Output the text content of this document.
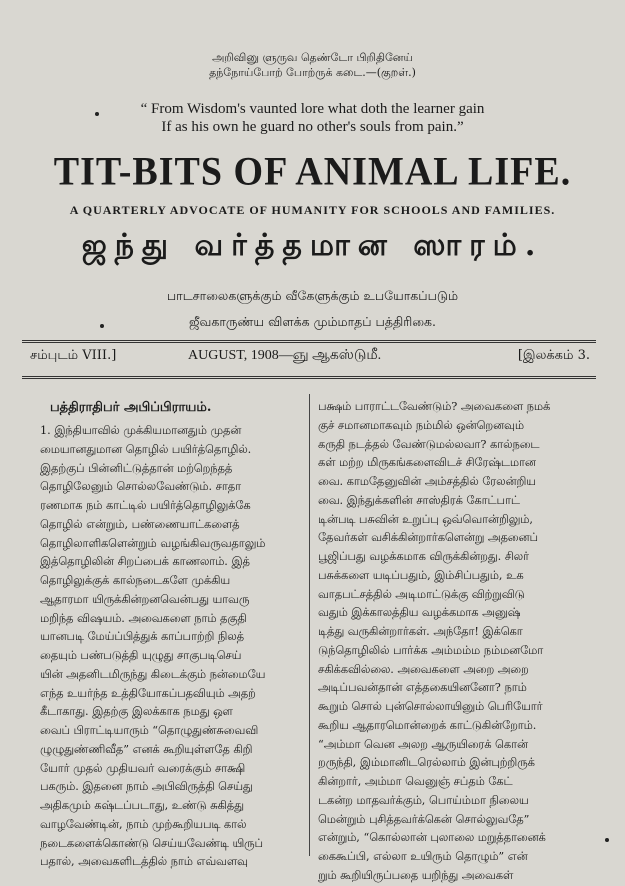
அறிவினு ளுருவ தெண்டோ பிறிதினேய்
தந்நோய்போற் போற்ருக் கடை.—(குறள்.)
“ From Wisdom's vaunted lore what doth the learner gain
If as his own he guard no other's souls from pain.”
TIT-BITS OF ANIMAL LIFE.
A QUARTERLY ADVOCATE OF HUMANITY FOR SCHOOLS AND FAMILIES.
ஜந்து வர்த்தமான ஸாரம்.
பாடசாலைகளுக்கும் வீகேளுக்கும் உபயோகப்படும்
ஜீவகாருண்ய விளக்க மும்மாதப் பத்திரிகை.
சம்புடம் VIII.]	AUGUST, 1908—ஞு ஆகஸ்டுமீ.	[இலக்கம் 3.
பத்திராதிபர் அபிப்பிராயம்.
1. இந்தியாவில் முக்கியமானதும் முதன்
மையானதுமான தொழில் பயிர்த்தொழில்.
இதற்குப் பின்னிட்டுத்தான் மற்றெந்தத்
தொழிலேனும் சொல்லவேண்டும். சாதா
ரணமாக நம் காட்டில் பயிர்த்தொழிலுக்கே
தொழில் என்றும், பண்ணையாட்களைத்
தொழிலாளிகளென்றும் வழங்கிவருவதாலும்
இத்தொழிலின் சிறப்பைக் காணலாம். இத்
தொழிலுக்குக் கால்நடைகளே முக்கிய
ஆதாரமா யிருக்கின்றனவென்பது யாவரு
மறிந்த விஷயம். அவைகளை நாம் தகுதி
யானபடி மேய்ப்பித்துக் காப்பாற்றி நிலத்
தையும் பண்படுத்தி யுழுது சாகுபடிசெய்
யின் அதனிடமிருந்து கிடைக்கும் நன்மையே
எந்த உயர்ந்த உத்தியோகப்பதவியும் அதற்
கீடாகாது. இதற்கு இலக்காக நமது ஒள
வைப் பிராட்டியாரும் “தொழுதுண்சுவைவி
ழுழுதுண்ணிவீத” எனக் கூறியுள்ளதே கிறி
யோர் முதல் முதியவர் வரைக்கும் சாக்ஷி
பகரும். இதனை நாம் அபிவிருத்தி செய்து
அதிகமும் கஷ்டப்படாது, உண்டு சுகித்து
வாழவேண்டின், நாம் முற்கூறியபடி கால்
நடைகளைக்கொண்டு செய்யவேண்டி யிருப்
பதால், அவைகளிடத்தில் நாம் எவ்வளவு
பக்ஷம் பாராட்டவேண்டும்? அவைகளை நமக்
குச் சமானமாகவும் நம்மில் ஒன்றெனவும்
கருதி நடத்தல் வேண்டுமல்லவா? கால்நடை
கள் மற்ற மிருகங்களைவிடச் சிரேஷ்டமான
வை. காமதேனுவின் அம்சத்தில் ரேலன்றிய
வை. இந்துக்களின் சாஸ்திரக் கோட்பாட்
டின்படி பசுவின் உறுப்பு ஒவ்வொன்றிலும்,
தேவர்கள் வசிக்கின்றார்களென்று அதனைப்
பூஜிப்பது வழக்கமாக விருக்கின்றது. சிலர்
பசுக்களை யடிப்பதும், இம்சிப்பதும், உக
வாதபட்சத்தில் அடிமாட்டுக்கு விற்றுவிடு
வதும் இக்காலத்திய வழக்கமாக அனுஷ்
டித்து வருகின்றார்கள். அந்தோ! இக்கொ
டுந்தொழிலில் பார்க்க அம்மம்ம நம்மனமோ
சகிக்கவில்லை. அவைகளை அறை அறை
அடிப்பவன்தான் எத்தகையினனோ? நாம்
கூறும் சொல் புன்சொல்லாயினும் பெரியோர்
கூறிய ஆதாரமொன்றைக் காட்டுகின்றோம்.
“அம்மா வென அலற ஆருயிரைக் கொன்
றருந்தி, இம்மானிடரெல்லாம் இன்புற்றிருக்
கின்றார், அம்மா வெனுஞ் சப்தம் கேட்
டகன்ற மாதவர்க்கும், பொய்ம்மா நிலைய
மென்றும் புசித்தவர்க்கென் சொல்லுவதே”
என்றும், “கொல்லான் புலாலை மறுத்தானைக்
கைகூப்பி, எல்லா உயிரும் தொழும்” என்
றும் கூறியிருப்பதை யறிந்து அவைகள்
